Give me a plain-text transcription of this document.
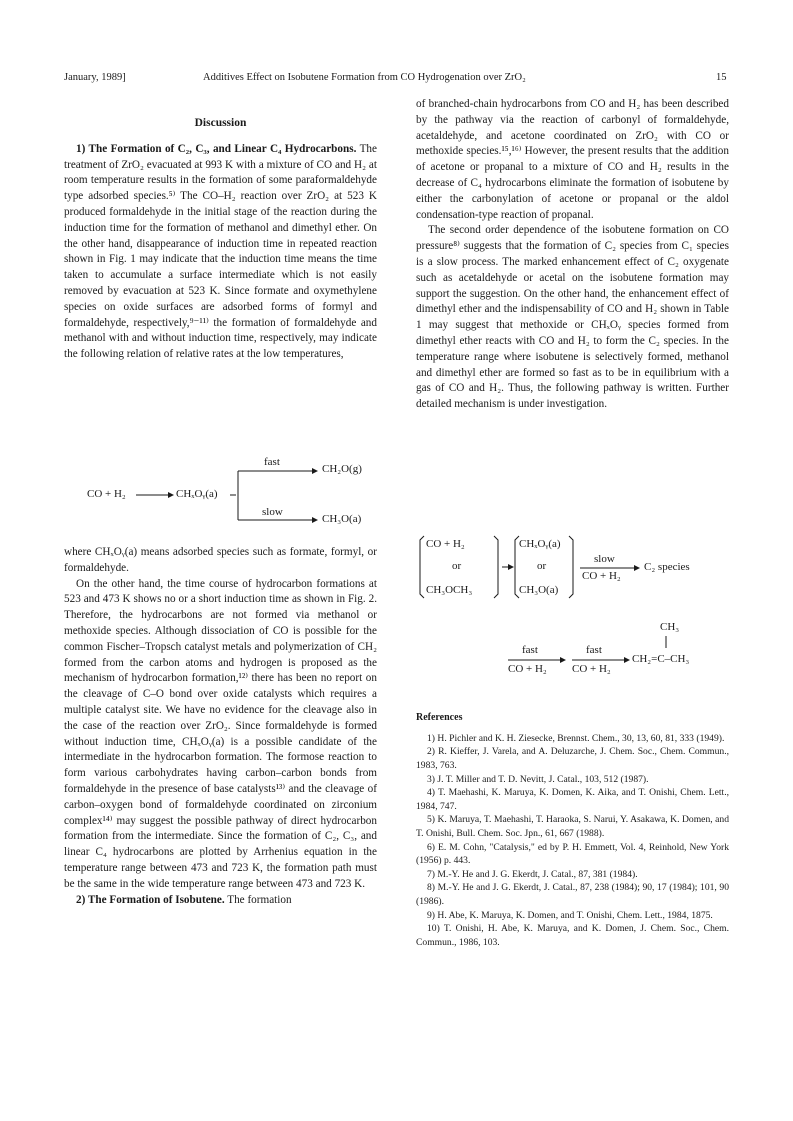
January, 1989]	Additives Effect on Isobutene Formation from CO Hydrogenation over ZrO₂	15
Discussion

1) The Formation of C₂, C₃, and Linear C₄ Hydrocarbons. The treatment of ZrO₂ evacuated at 993 K with a mixture of CO and H₂ at room temperature results in the formation of some paraformaldehyde type adsorbed species.⁵⁾ The CO–H₂ reaction over ZrO₂ at 523 K produced formaldehyde in the initial stage of the reaction during the induction time for the formation of methanol and dimethyl ether. On the other hand, disappearance of induction time in repeated reaction shown in Fig. 1 may indicate that the induction time means the time taken to accumulate a surface intermediate which is not easily removed by evacuation at 523 K. Since formate and oxymethylene species on oxide surfaces are adsorbed forms of formyl and formaldehyde, respectively,⁹⁻¹¹⁾ the formation of formaldehyde and methanol with and without induction time, respectively, may indicate the following relation of relative rates at the low temperatures,

fast
CH₂O(g)
CO + H₂	CHₓOᵧ(a)
slow
CH₃O(a)

where CHₓOᵧ(a) means adsorbed species such as formate, formyl, or formaldehyde.

On the other hand, the time course of hydrocarbon formations at 523 and 473 K shows no or a short induction time as shown in Fig. 2. Therefore, the hydrocarbons are not formed via methanol or methoxide species. Although dissociation of CO is possible for the common Fischer–Tropsch catalyst metals and polymerization of CH₂ formed from the carbon atoms and hydrogen is proposed as the mechanism of hydrocarbon formation,¹²⁾ there has been no report on the cleavage of C–O bond over oxide catalysts which requires a multiple catalyst site. We have no evidence for the cleavage also in the case of the reaction over ZrO₂. Since formaldehyde is formed without induction time, CHₓOᵧ(a) is a possible candidate of the intermediate in the hydrocarbon formation. The formose reaction to form various carbohydrates having carbon–carbon bonds from formaldehyde in the presence of base catalysts¹³⁾ and the cleavage of carbon–oxygen bond of formaldehyde coordinated on zirconium complex¹⁴⁾ may suggest the possible pathway of direct hydrocarbon formation from the intermediate. Since the formation of C₂, C₃, and linear C₄ hydrocarbons are plotted by Arrhenius equation in the temperature range between 473 and 723 K, the formation path must be the same in the wide temperature range between 473 and 723 K.

2) The Formation of Isobutene. The formation

of branched-chain hydrocarbons from CO and H₂ has been described by the pathway via the reaction of carbonyl of formaldehyde, acetaldehyde, and acetone coordinated on ZrO₂ with CO or methoxide species.¹⁵,¹⁶⁾ However, the present results that the addition of acetone or propanal to a mixture of CO and H₂ results in the decrease of C₄ hydrocarbons eliminate the formation of isobutene by either the carbonylation of acetone or propanal or the aldol condensation-type reaction of propanal.

The second order dependence of the isobutene formation on CO pressure⁸⁾ suggests that the formation of C₂ species from C₁ species is a slow process. The marked enhancement effect of C₂ oxygenate such as acetaldehyde or acetal on the isobutene formation may support the suggestion. On the other hand, the enhancement effect of dimethyl ether and the indispensability of CO and H₂ shown in Table 1 may suggest that methoxide or CHₓOᵧ species formed from dimethyl ether reacts with CO and H₂ to form the C₂ species. In the temperature range where isobutene is selectively formed, methanol and dimethyl ether are formed so fast as to be in equilibrium with a gas of CO and H₂. Thus, the following pathway is written. Further detailed mechanism is under investigation.

CO + H₂
or
CH₃OCH₃
CHₓOᵧ(a)
or
CH₃O(a)
slow
CO + H₂
C₂ species
CH₃
fast	fast
CH₂=C–CH₃
CO + H₂ CO + H₂
References
1) H. Pichler and K. H. Ziesecke, Brennst. Chem., 30, 13, 60, 81, 333 (1949).
2) R. Kieffer, J. Varela, and A. Deluzarche, J. Chem. Soc., Chem. Commun., 1983, 763.
3) J. T. Miller and T. D. Nevitt, J. Catal., 103, 512 (1987).
4) T. Maehashi, K. Maruya, K. Domen, K. Aika, and T. Onishi, Chem. Lett., 1984, 747.
5) K. Maruya, T. Maehashi, T. Haraoka, S. Narui, Y. Asakawa, K. Domen, and T. Onishi, Bull. Chem. Soc. Jpn., 61, 667 (1988).
6) E. M. Cohn, "Catalysis," ed by P. H. Emmett, Vol. 4, Reinhold, New York (1956) p. 443.
7) M.-Y. He and J. G. Ekerdt, J. Catal., 87, 381 (1984).
8) M.-Y. He and J. G. Ekerdt, J. Catal., 87, 238 (1984); 90, 17 (1984); 101, 90 (1986).
9) H. Abe, K. Maruya, K. Domen, and T. Onishi, Chem. Lett., 1984, 1875.
10) T. Onishi, H. Abe, K. Maruya, and K. Domen, J. Chem. Soc., Chem. Commun., 1986, 103.
